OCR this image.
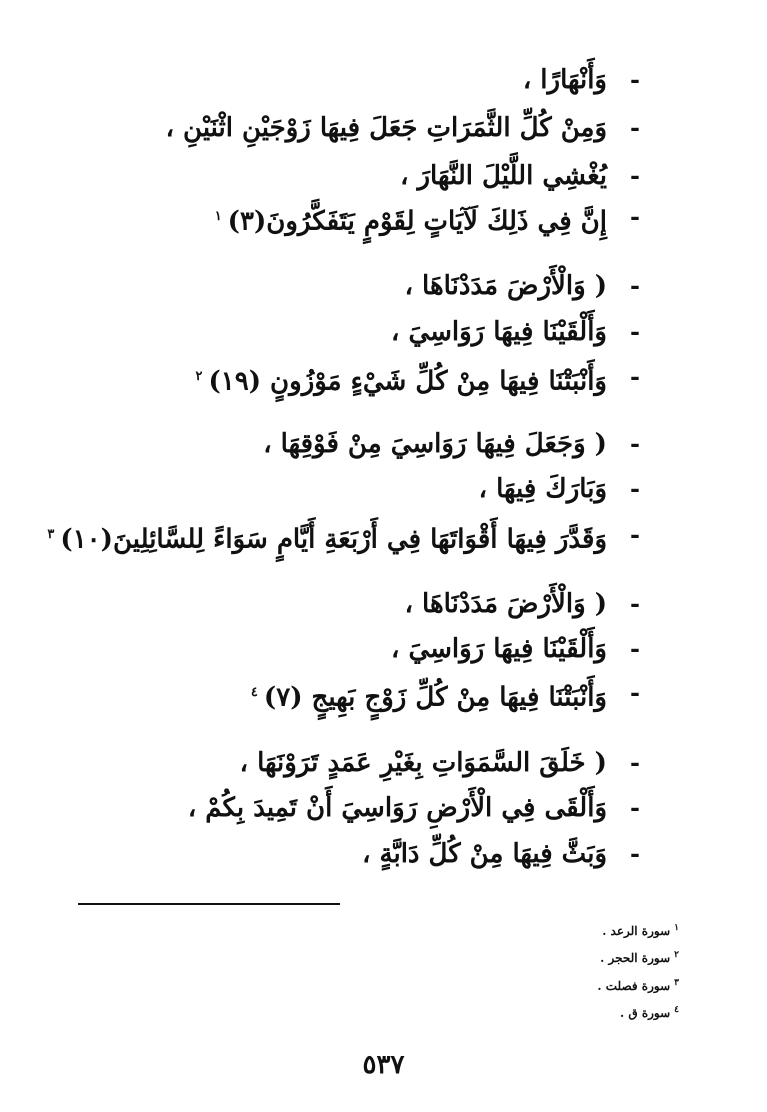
-
وَأَنْهَارًا ،
-
وَمِنْ كُلِّ الثَّمَرَاتِ جَعَلَ فِيهَا زَوْجَيْنِ اثْنَيْنِ ،
-
يُغْشِي اللَّيْلَ النَّهَارَ ،
-
إِنَّ فِي ذَلِكَ لَآيَاتٍ لِقَوْمٍ يَتَفَكَّرُونَ(٣)$^١$
-
( وَالْأَرْضَ مَدَدْنَاهَا ،
-
وَأَلْقَيْنَا فِيهَا رَوَاسِيَ ،
-
وَأَنْبَتْنَا فِيهَا مِنْ كُلِّ شَيْءٍ مَوْزُونٍ (١٩)$^٢$
-
( وَجَعَلَ فِيهَا رَوَاسِيَ مِنْ فَوْقِهَا ،
-
وَبَارَكَ فِيهَا ،
-
وَقَدَّرَ فِيهَا أَقْوَاتَهَا فِي أَرْبَعَةِ أَيَّامٍ سَوَاءً لِلسَّائِلِينَ(١٠)$^٣$
-
( وَالْأَرْضَ مَدَدْنَاهَا ،
-
وَأَلْقَيْنَا فِيهَا رَوَاسِيَ ،
-
وَأَنْبَتْنَا فِيهَا مِنْ كُلِّ زَوْجٍ بَهِيجٍ (٧)$^٤$
-
( خَلَقَ السَّمَوَاتِ بِغَيْرِ عَمَدٍ تَرَوْنَهَا ،
-
وَأَلْقَى فِي الْأَرْضِ رَوَاسِيَ أَنْ تَمِيدَ بِكُمْ ،
-
وَبَثَّ فِيهَا مِنْ كُلِّ دَابَّةٍ ،
$^١$سورة الرعد .
$^٢$سورة الحجر .
$^٣$سورة فصلت .
$^٤$سورة ق .
٥٣٧
